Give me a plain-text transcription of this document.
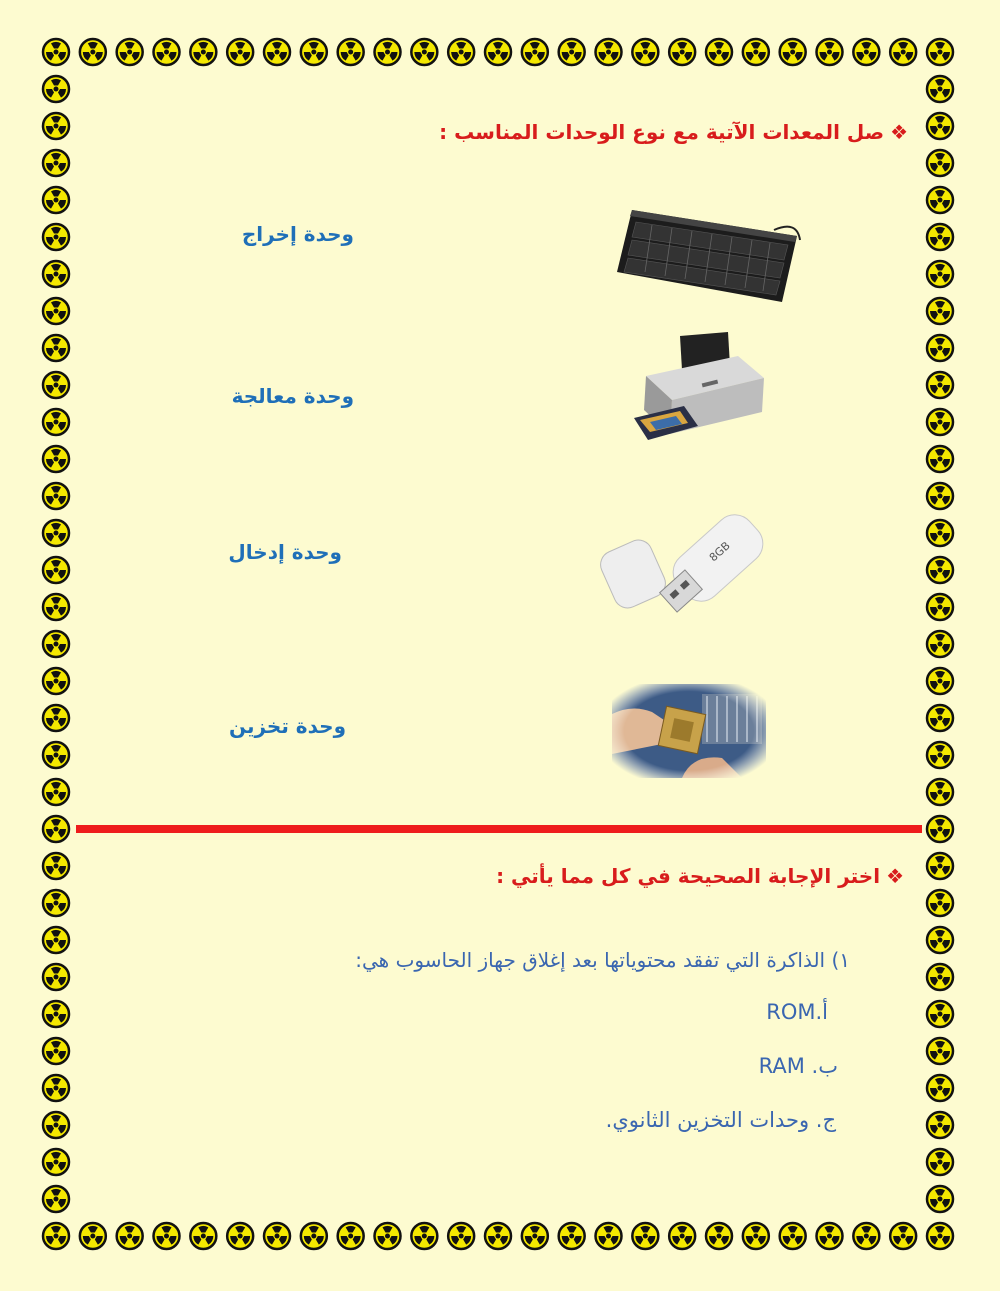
❖صل المعدات الآتية مع نوع الوحدات المناسب :
وحدة إخراج
وحدة معالجة
وحدة إدخال
وحدة تخزين
8GB
❖اختر الإجابة الصحيحة في كل مما يأتي :
١) الذاكرة التي تفقد محتوياتها بعد إغلاق جهاز الحاسوب هي:
أ.ROM
ب. RAM
ج. وحدات التخزين الثانوي.
